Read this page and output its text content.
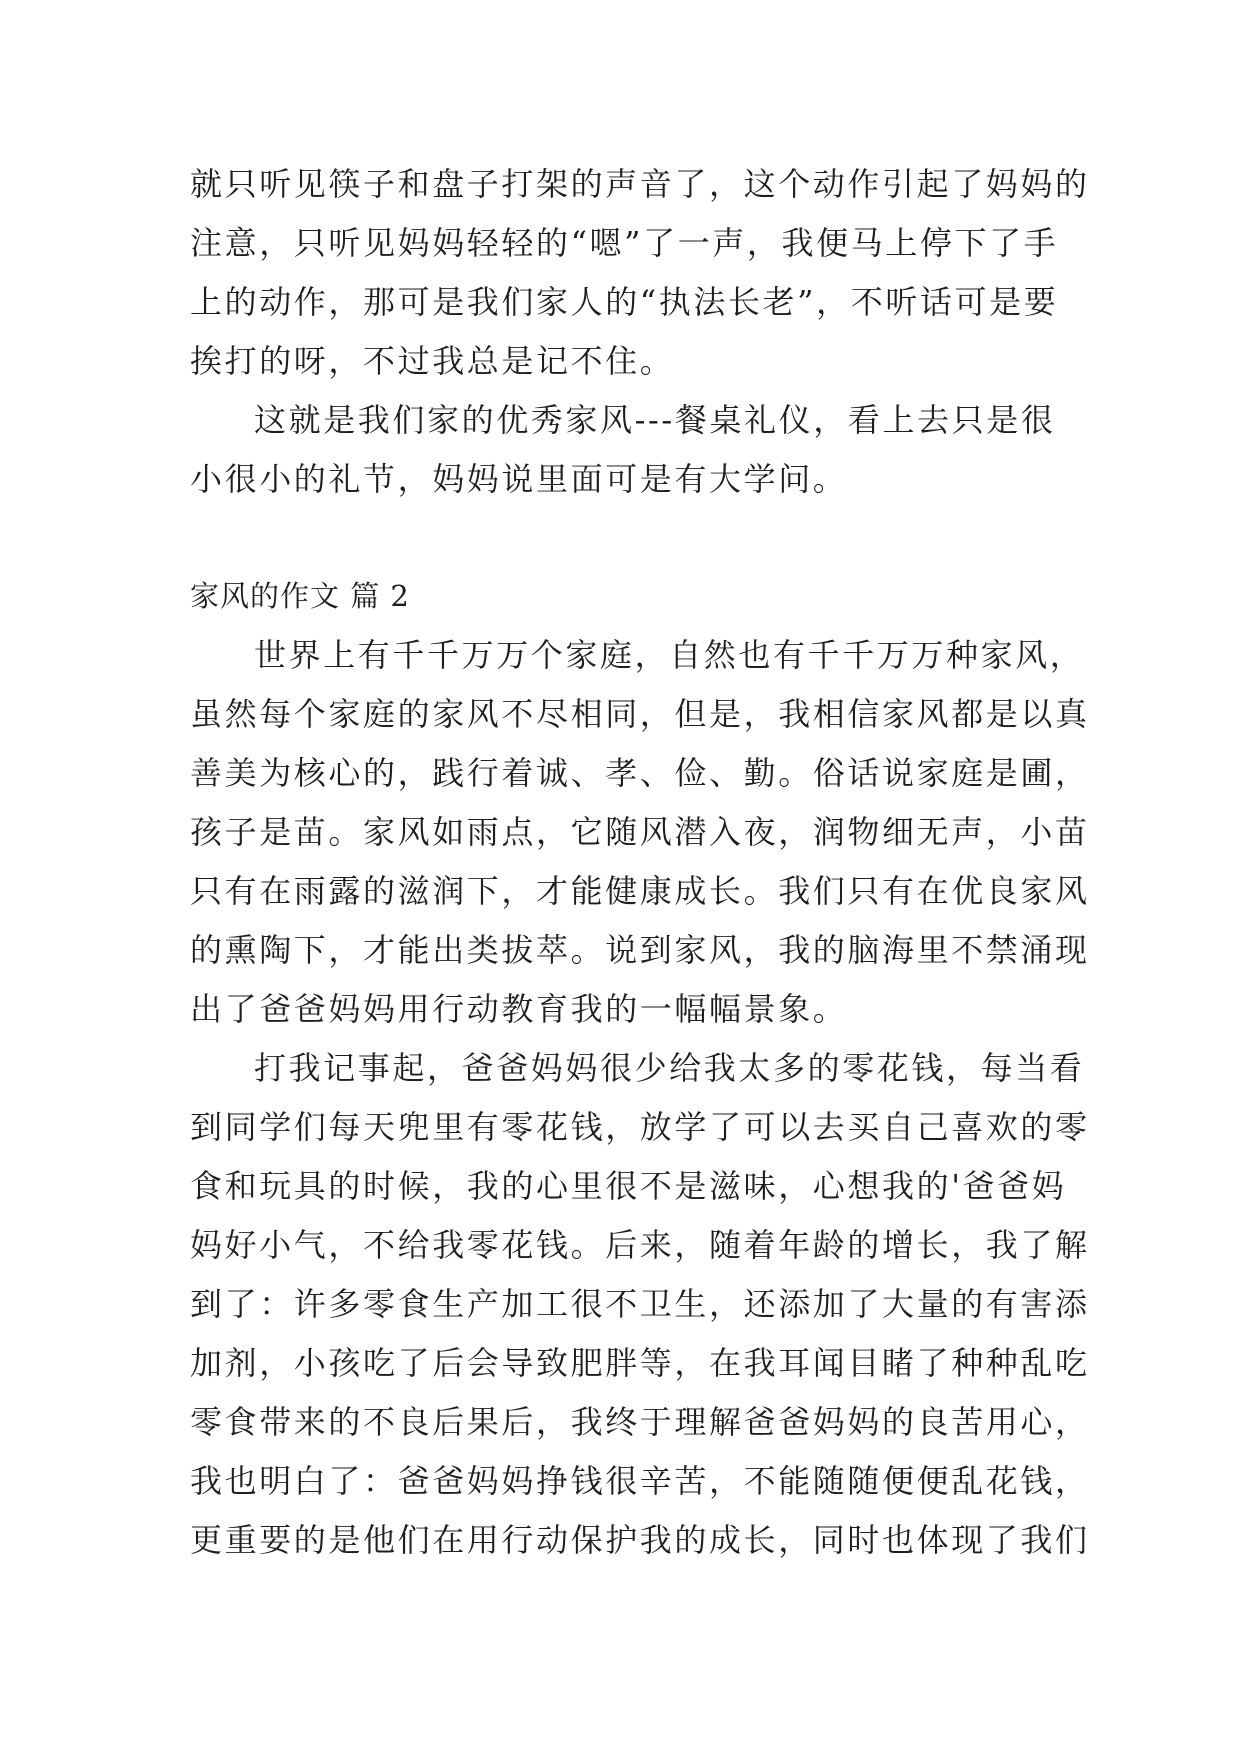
就只听见筷子和盘子打架的声音了，这个动作引起了妈妈的
注意，只听见妈妈轻轻的“嗯”了一声，我便马上停下了手
上的动作，那可是我们家人的“执法长老”，不听话可是要
挨打的呀，不过我总是记不住。
这就是我们家的优秀家风---餐桌礼仪，看上去只是很
小很小的礼节，妈妈说里面可是有大学问。
家风的作文 篇 2
世界上有千千万万个家庭，自然也有千千万万种家风，
虽然每个家庭的家风不尽相同，但是，我相信家风都是以真
善美为核心的，践行着诚、孝、俭、勤。俗话说家庭是圃，
孩子是苗。家风如雨点，它随风潜入夜，润物细无声，小苗
只有在雨露的滋润下，才能健康成长。我们只有在优良家风
的熏陶下，才能出类拔萃。说到家风，我的脑海里不禁涌现
出了爸爸妈妈用行动教育我的一幅幅景象。
打我记事起，爸爸妈妈很少给我太多的零花钱，每当看
到同学们每天兜里有零花钱，放学了可以去买自己喜欢的零
食和玩具的时候，我的心里很不是滋味，心想我的'爸爸妈
妈好小气，不给我零花钱。后来，随着年龄的增长，我了解
到了：许多零食生产加工很不卫生，还添加了大量的有害添
加剂，小孩吃了后会导致肥胖等，在我耳闻目睹了种种乱吃
零食带来的不良后果后，我终于理解爸爸妈妈的良苦用心，
我也明白了：爸爸妈妈挣钱很辛苦，不能随随便便乱花钱，
更重要的是他们在用行动保护我的成长，同时也体现了我们
